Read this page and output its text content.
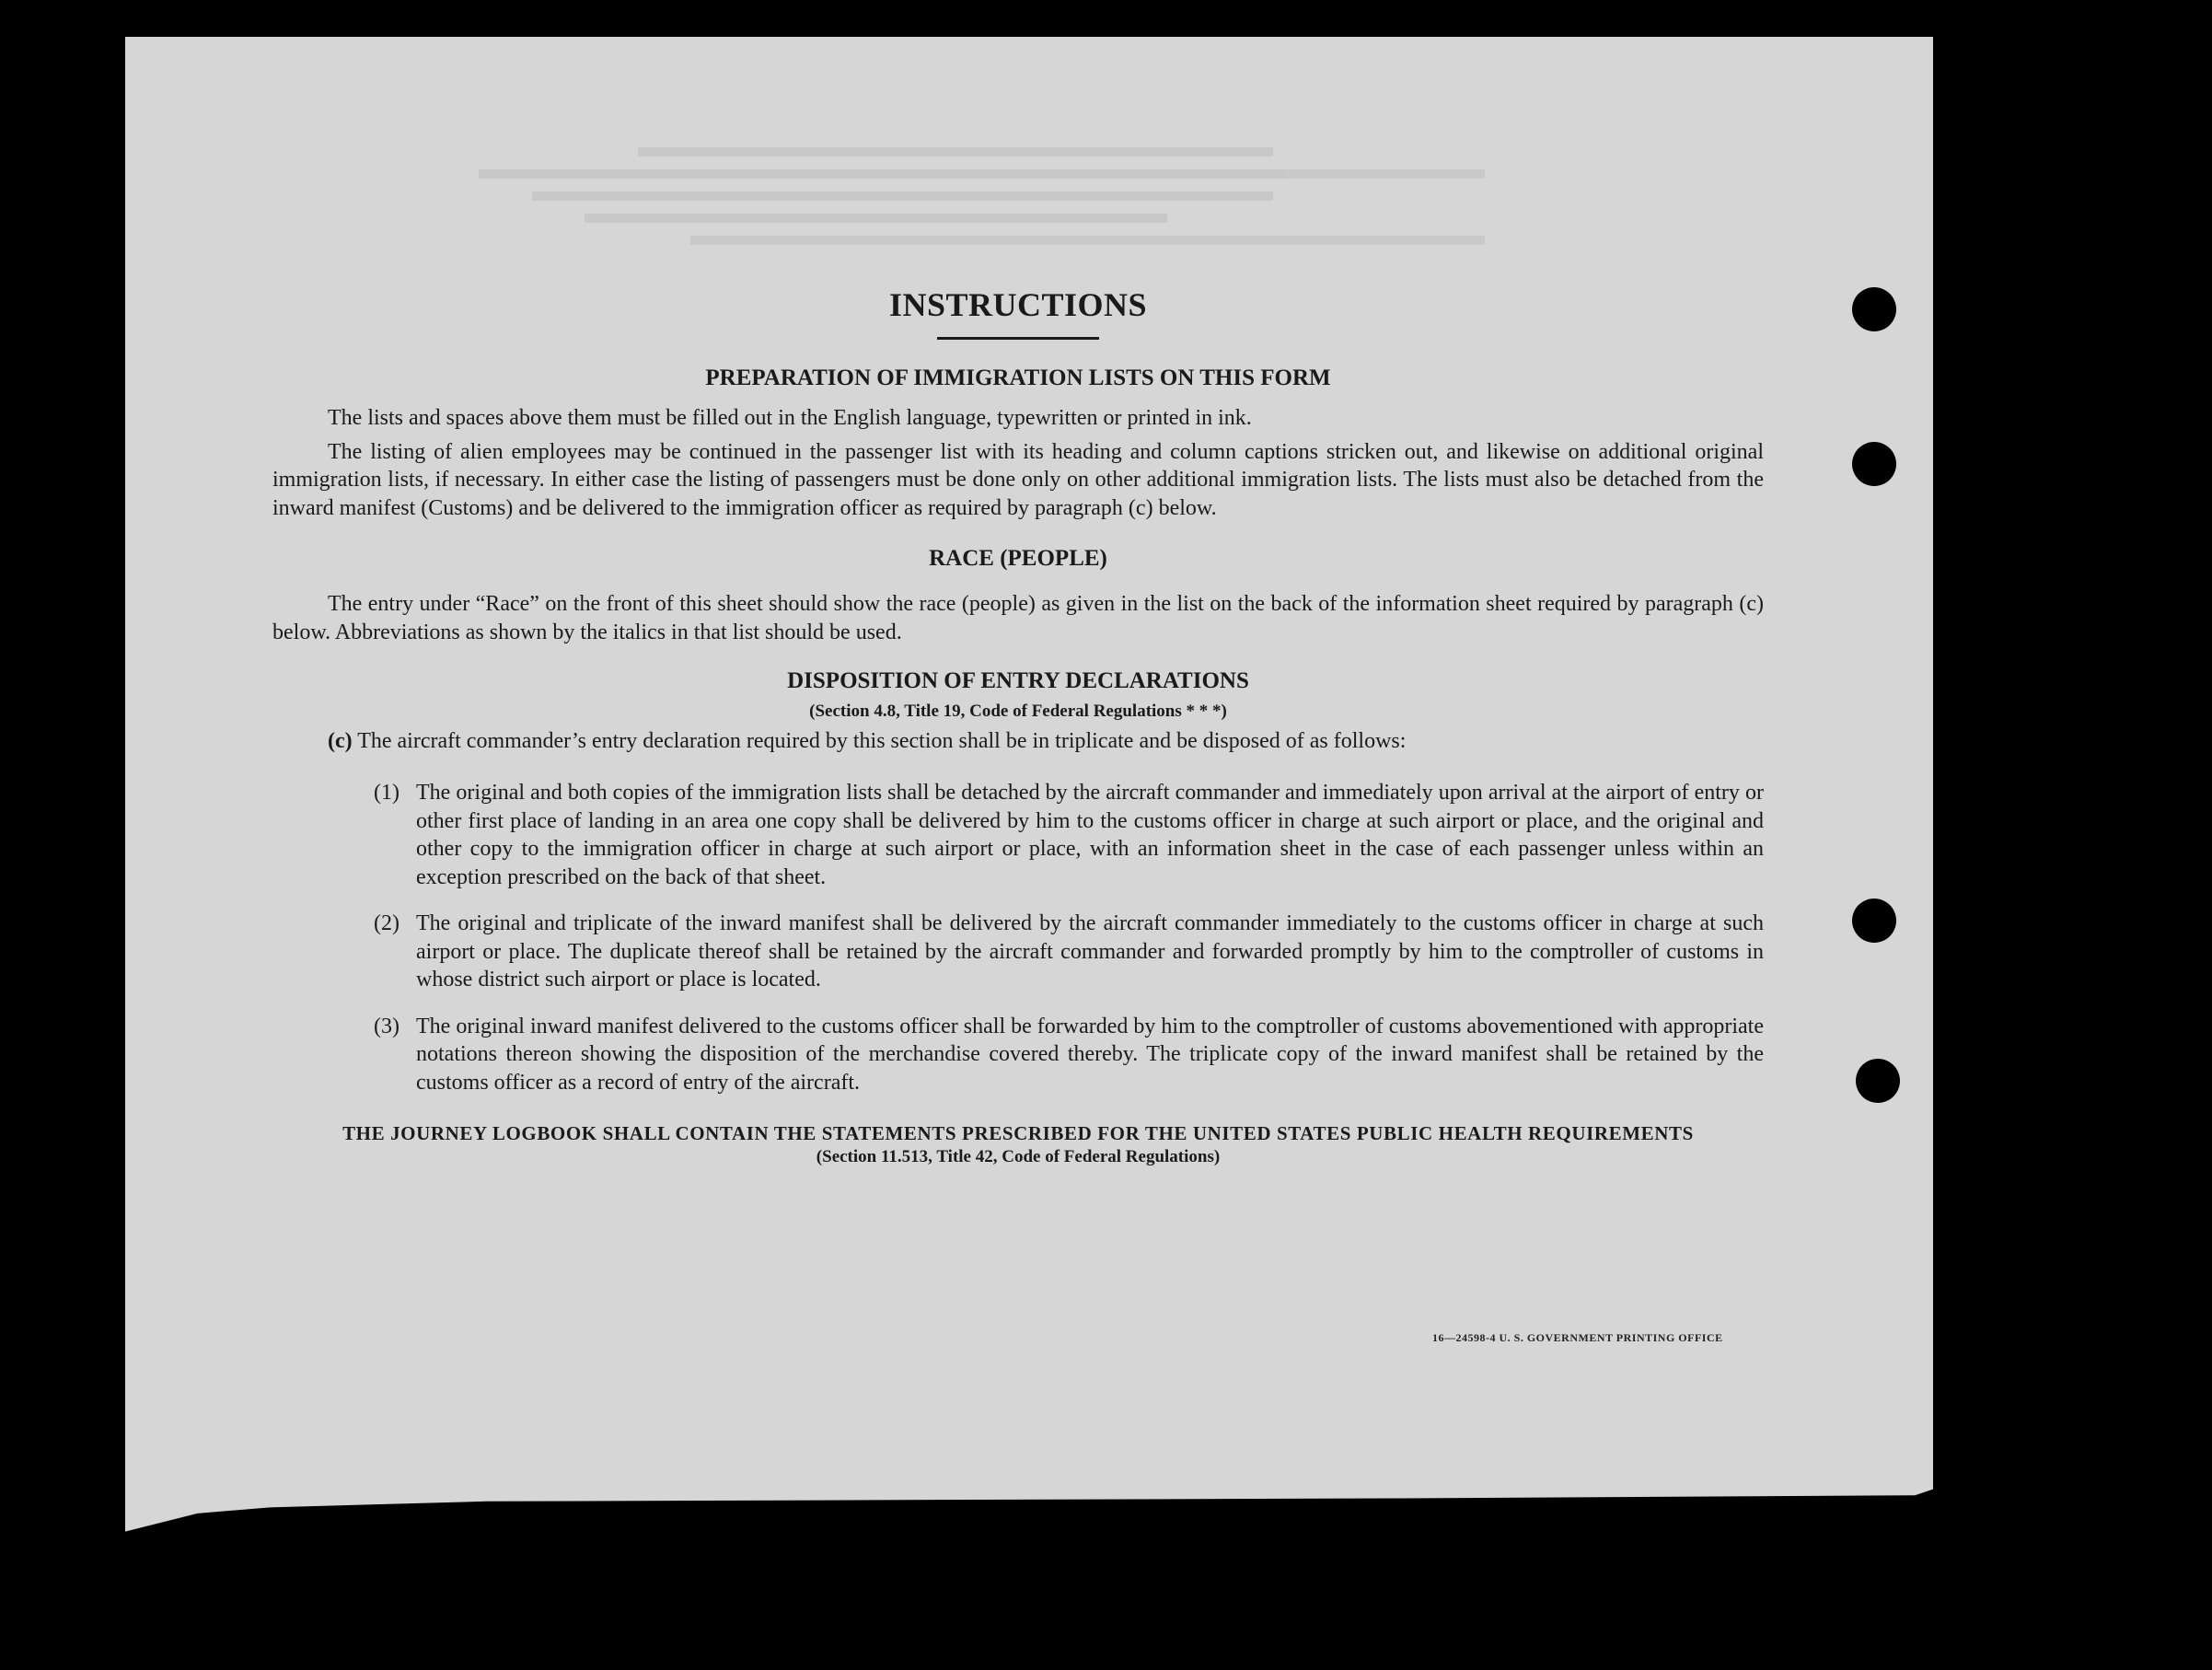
INSTRUCTIONS
PREPARATION OF IMMIGRATION LISTS ON THIS FORM

The lists and spaces above them must be filled out in the English language, typewritten or printed in ink.

The listing of alien employees may be continued in the passenger list with its heading and column captions stricken out, and likewise on additional original immigration lists, if necessary. In either case the listing of passengers must be done only on other additional immigration lists. The lists must also be detached from the inward manifest (Customs) and be delivered to the immigration officer as required by paragraph (c) below.

RACE (PEOPLE)

The entry under “Race” on the front of this sheet should show the race (people) as given in the list on the back of the information sheet required by paragraph (c) below. Abbreviations as shown by the italics in that list should be used.

DISPOSITION OF ENTRY DECLARATIONS
(Section 4.8, Title 19, Code of Federal Regulations * * *)
(c) The aircraft commander’s entry declaration required by this section shall be in triplicate and be disposed of as follows:
(1) The original and both copies of the immigration lists shall be detached by the aircraft commander and immediately upon arrival at the airport of entry or other first place of landing in an area one copy shall be delivered by him to the customs officer in charge at such airport or place, and the original and other copy to the immigration officer in charge at such airport or place, with an information sheet in the case of each passenger unless within an exception prescribed on the back of that sheet.
(2) The original and triplicate of the inward manifest shall be delivered by the aircraft commander immediately to the customs officer in charge at such airport or place. The duplicate thereof shall be retained by the aircraft commander and forwarded promptly by him to the comptroller of customs in whose district such airport or place is located.
(3) The original inward manifest delivered to the customs officer shall be forwarded by him to the comptroller of customs abovementioned with appropriate notations thereon showing the disposition of the merchandise covered thereby. The triplicate copy of the inward manifest shall be retained by the customs officer as a record of entry of the aircraft.
THE JOURNEY LOGBOOK SHALL CONTAIN THE STATEMENTS PRESCRIBED FOR THE UNITED STATES PUBLIC HEALTH REQUIREMENTS
(Section 11.513, Title 42, Code of Federal Regulations)
16—24598-4 U. S. GOVERNMENT PRINTING OFFICE
